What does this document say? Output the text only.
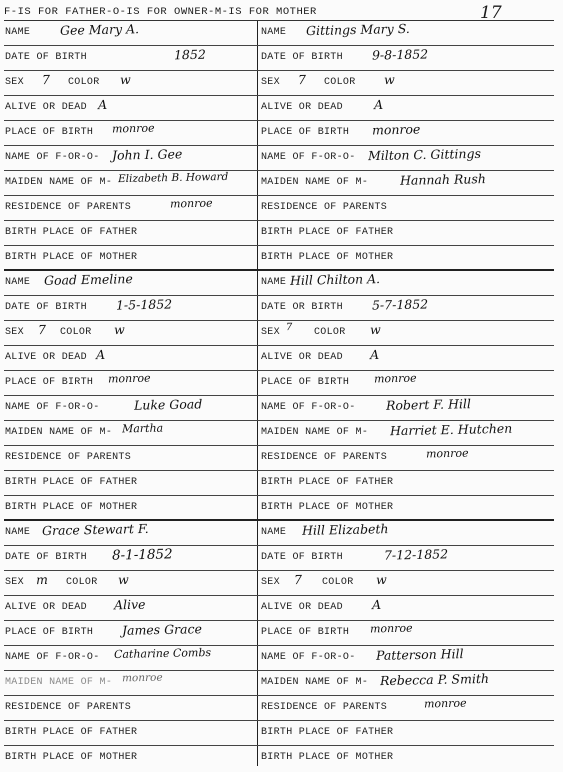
F-IS FOR FATHER-O-IS FOR OWNER-M-IS FOR MOTHER	17
NAME Gee Mary A.	NAME Gittings Mary S.
DATE OF BIRTH	1852	DATE OF BIRTH 9-8-1852
SEX 7 COLOR w	SEX 7 COLOR w
ALIVE OR DEAD A	ALIVE OR DEAD A
PLACE OF BIRTH monroe	PLACE OF BIRTH monroe
NAME OF F-OR-O- John I. Gee	NAME OF F-OR-O- Milton C. Gittings
MAIDEN NAME OF M- Elizabeth B. Howard	MAIDEN NAME OF M-	Hannah Rush
RESIDENCE OF PARENTS	monroe	RESIDENCE OF PARENTS
BIRTH PLACE OF FATHER	BIRTH PLACE OF FATHER
BIRTH PLACE OF MOTHER	BIRTH PLACE OF MOTHER
NAME Goad Emeline	NAME Hill Chilton A.
DATE OF BIRTH 1-5-1852	DATE OR BIRTH 5-7-1852
SEX 7 COLOR w	SEX 7 COLOR w
ALIVE OR DEAD A	ALIVE OR DEAD A
PLACE OF BIRTH monroe	PLACE OF BIRTH monroe
NAME OF F-OR-O-	Luke Goad	NAME OF F-OR-O- Robert F. Hill
MAIDEN NAME OF M- Martha	MAIDEN NAME OF M- Harriet E. Hutchen
RESIDENCE OF PARENTS	RESIDENCE OF PARENTS	monroe
BIRTH PLACE OF FATHER	BIRTH PLACE OF FATHER
BIRTH PLACE OF MOTHER	BIRTH PLACE OF MOTHER
NAME Grace Stewart F.	NAME Hill Elizabeth
DATE OF BIRTH 8-1-1852	DATE OF BIRTH	7-12-1852
SEX m COLOR w	SEX 7 COLOR w
ALIVE OR DEAD Alive	ALIVE OR DEAD A
PLACE OF BIRTH James Grace	PLACE OF BIRTH monroe
NAME OF F-OR-O- Catharine Combs	NAME OF F-OR-O- Patterson Hill
MAIDEN NAME OF M- monroe	MAIDEN NAME OF M- Rebecca P. Smith
RESIDENCE OF PARENTS	RESIDENCE OF PARENTS	monroe
BIRTH PLACE OF FATHER	BIRTH PLACE OF FATHER
BIRTH PLACE OF MOTHER	BIRTH PLACE OF MOTHER
